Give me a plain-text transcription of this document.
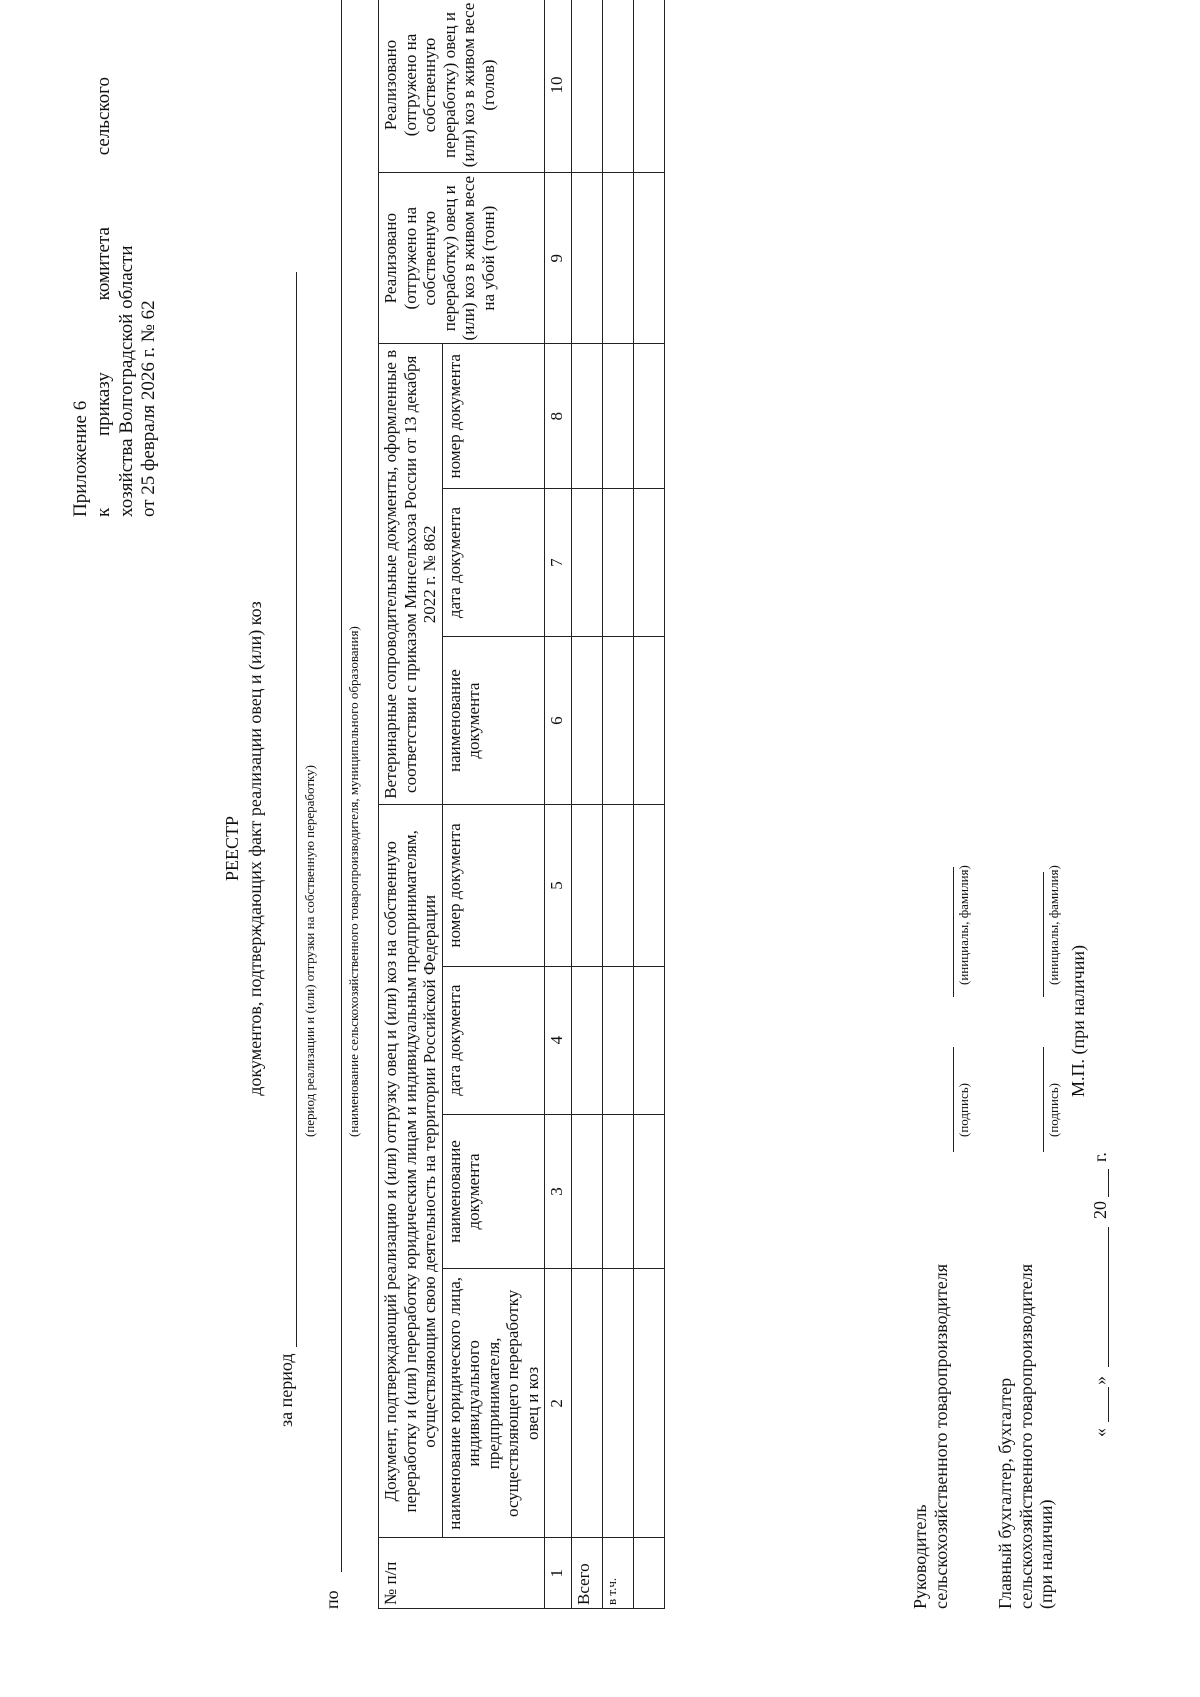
Приложение 6 к
приказу
комитета
сельского
хозяйства Волгоградской области от 25 февраля 2026 г. № 62
РЕЕСТР документов, подтверждающих факт реализации овец и (или) коз
за период
(период реализации и (или) отгрузки на собственную переработку)
по
(наименование сельскохозяйственного товаропроизводителя, муниципального образования)
№ п/п	Документ, подтверждающий реализацию и (или) отгрузку овец и (или) коз на собственную переработку и (или) переработку юридическим лицам и индивидуальным предпринимателям, осуществляющим свою деятельность на территории Российской Федерации				Ветеринарные сопроводительные документы, оформленные в соответствии с приказом Минсельхоза России от 13 декабря 2022 г. № 862			Реализовано (отгружено на собственную переработку) овец и (или) коз в живом весе на убой (тонн)	Реализовано (отгружено на собственную переработку) овец и (или) коз в живом весе (голов)
	наименование юридического лица, индивидуального предпринимателя, осуществляющего переработку овец и коз	наименование документа	дата документа	номер документа	наименование документа	дата документа	номер документа		
1	2	3	4	5	6	7	8	9	10
Всего									
в т.ч.									
										Руководитель сельскохозяйственного товаропроизводителя
(подпись)
(инициалы, фамилия)
Главный бухгалтер, бухгалтер сельскохозяйственного товаропроизводителя (при наличии)
(подпись)
(инициалы, фамилия)
«
»
20
г.
М.П. (при наличии)
